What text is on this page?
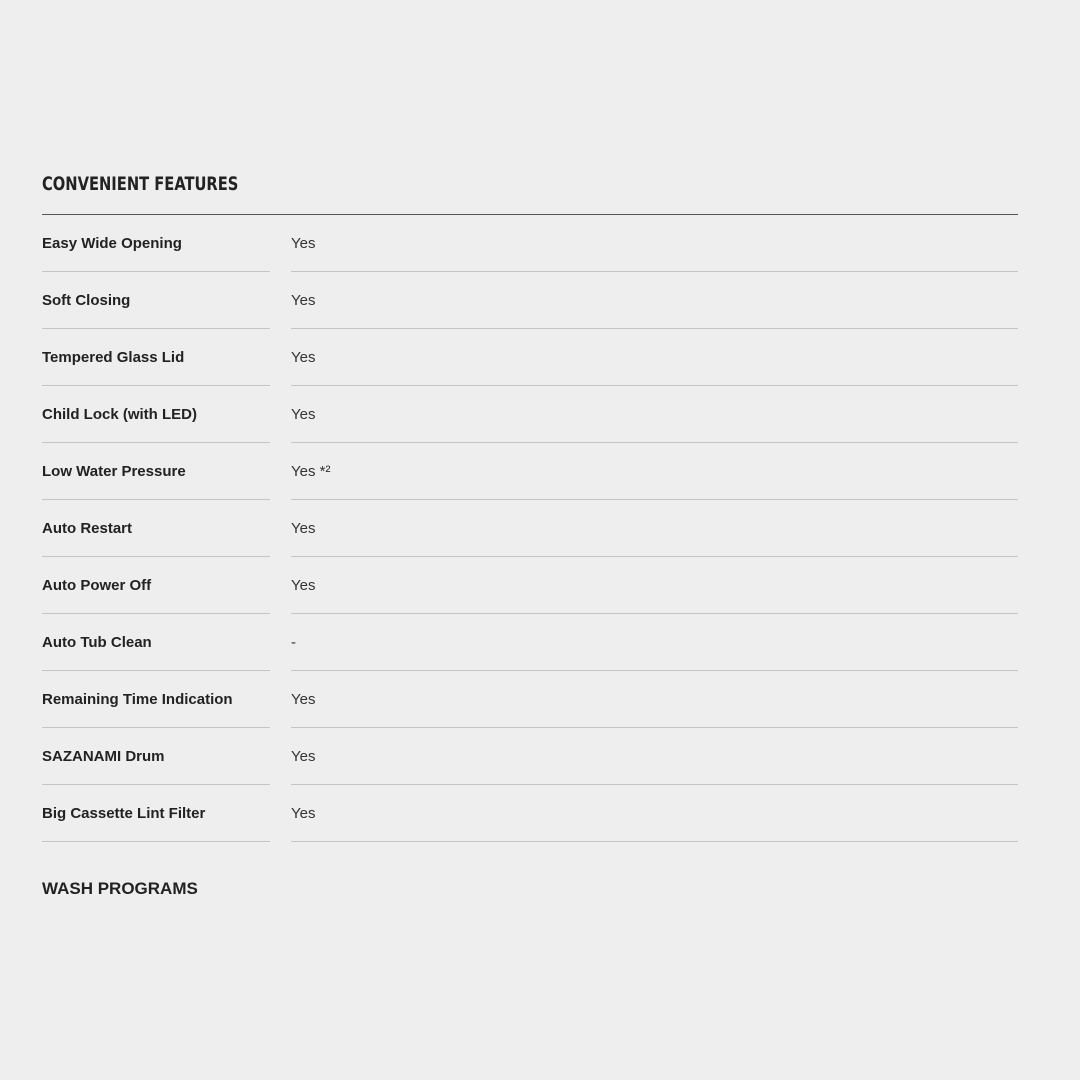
CONVENIENT FEATURES
Easy Wide Opening	Yes
Soft Closing	Yes
Tempered Glass Lid	Yes
Child Lock (with LED)	Yes
Low Water Pressure	Yes *²
Auto Restart	Yes
Auto Power Off	Yes
Auto Tub Clean	-
Remaining Time Indication	Yes
SAZANAMI Drum	Yes
Big Cassette Lint Filter	Yes
WASH PROGRAMS
